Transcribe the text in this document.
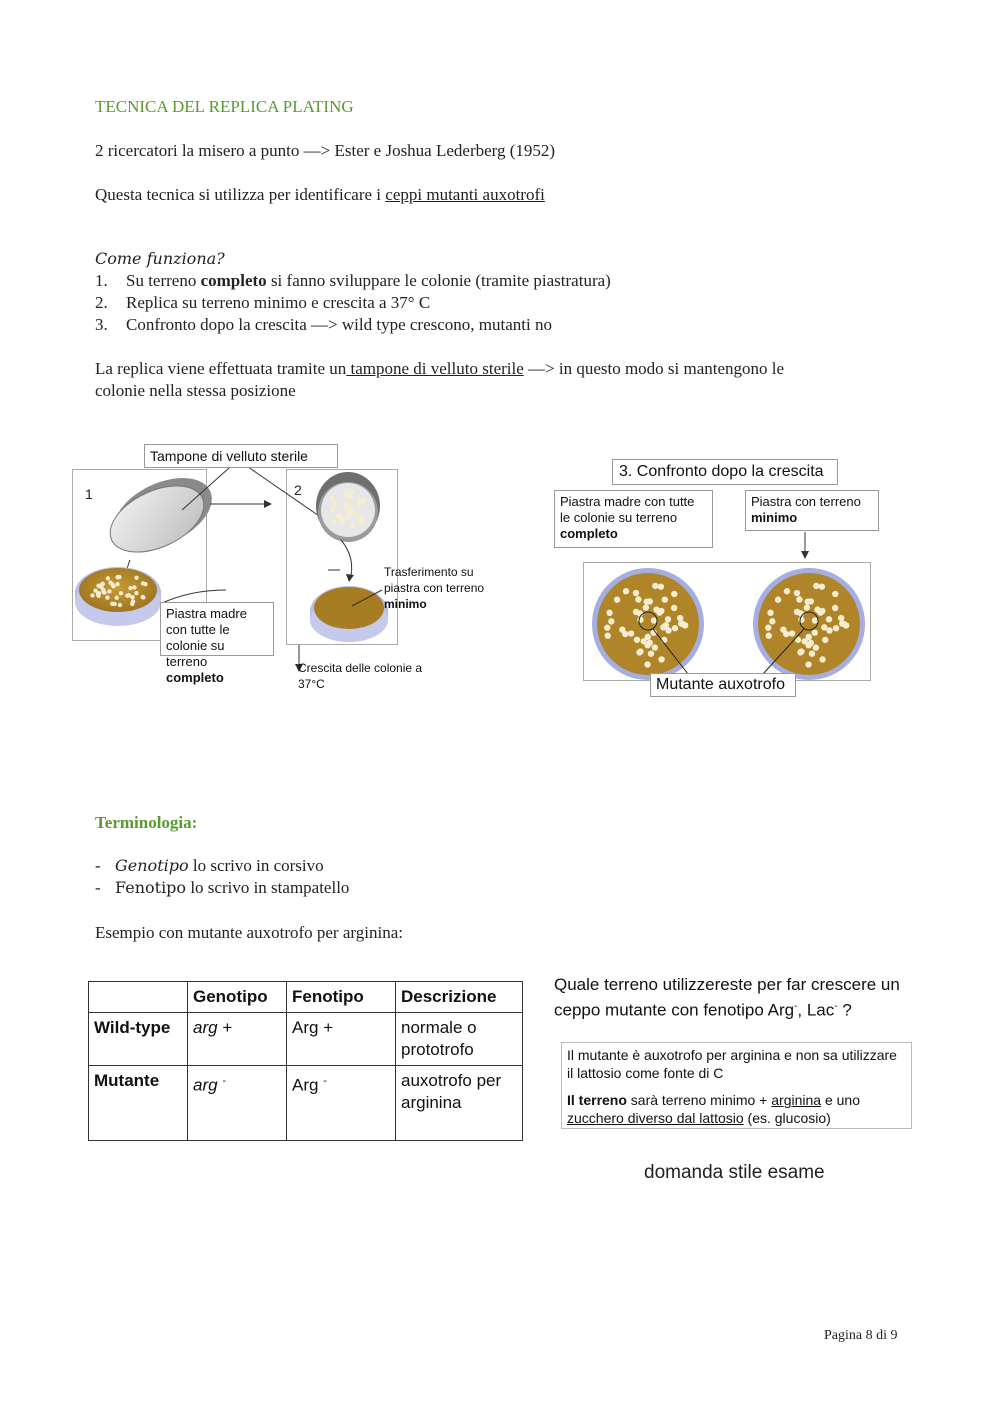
TECNICA DEL REPLICA PLATING
2 ricercatori la misero a punto —> Ester e Joshua Lederberg (1952)
Questa tecnica si utilizza per identificare i ceppi mutanti auxotrofi
Come funziona?
1. Su terreno completo si fanno sviluppare le colonie (tramite piastratura)
2. Replica su terreno minimo e crescita a 37° C
3. Confronto dopo la crescita —> wild type crescono, mutanti no
La replica viene effettuata tramite un tampone di velluto sterile —> in questo modo si mantengono le
colonie nella stessa posizione
1	2
Tampone di velluto sterile
Piastra madre con tutte le colonie su terreno completo
Trasferimento su piastra con terreno minimo
Crescita delle colonie a 37°C
3. Confronto dopo la crescita
Piastra madre con tutte le colonie su terreno completo
Piastra con terreno minimo
Mutante auxotrofo
Terminologia:
- Genotipo lo scrivo in corsivo
- Fenotipo lo scrivo in stampatello
Esempio con mutante auxotrofo per arginina:
	Genotipo	Fenotipo	Descrizione
Wild-type	arg +	Arg +	normale o prototrofo
Mutante	arg -	Arg -	auxotrofo per arginina
Quale terreno utilizzereste per far crescere un
ceppo mutante con fenotipo Arg-, Lac- ?
Il mutante è auxotrofo per arginina e non sa utilizzare il lattosio come fonte di C
Il terreno sarà terreno minimo + arginina e uno zucchero diverso dal lattosio (es. glucosio)
domanda stile esame
Pagina 8 di 9
